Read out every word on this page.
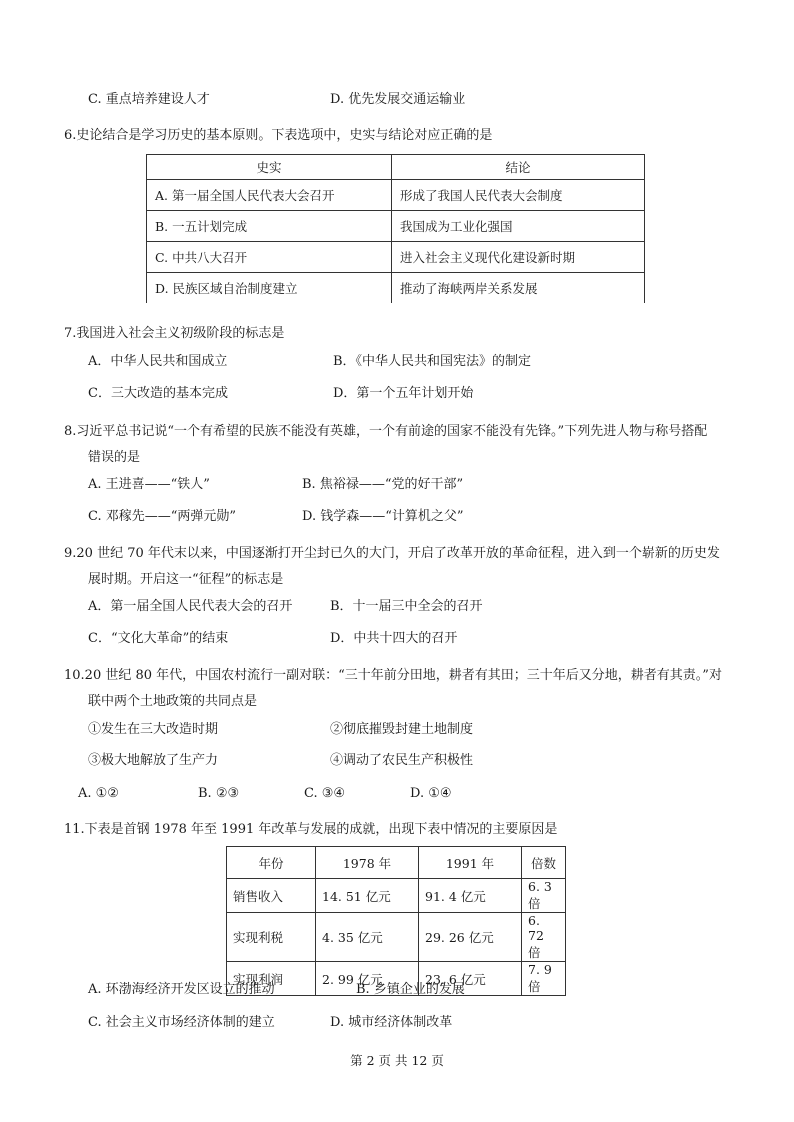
C. 重点培养建设人才	D. 优先发展交通运输业
6.史论结合是学习历史的基本原则。下表选项中，史实与结论对应正确的是
史实	结论
A. 第一届全国人民代表大会召开	形成了我国人民代表大会制度
B. 一五计划完成	我国成为工业化强国
C. 中共八大召开	进入社会主义现代化建设新时期
D. 民族区域自治制度建立	推动了海峡两岸关系发展
7.我国进入社会主义初级阶段的标志是
A．中华人民共和国成立	B．《中华人民共和国宪法》的制定
C．三大改造的基本完成	D．第一个五年计划开始
8.习近平总书记说“一个有希望的民族不能没有英雄，一个有前途的国家不能没有先锋。”下列先进人物与称号搭配
错误的是
A. 王进喜——“铁人”	B. 焦裕禄——“党的好干部”
C. 邓稼先——“两弹元勋”	D. 钱学森——“计算机之父”
9.20 世纪 70 年代末以来，中国逐渐打开尘封已久的大门，开启了改革开放的革命征程，进入到一个崭新的历史发
展时期。开启这一“征程”的标志是
A．第一届全国人民代表大会的召开	B．十一届三中全会的召开
C．“文化大革命”的结束	D．中共十四大的召开
10.20 世纪 80 年代，中国农村流行一副对联：“三十年前分田地，耕者有其田；三十年后又分地，耕者有其责。”对
联中两个土地政策的共同点是
①发生在三大改造时期	②彻底摧毁封建土地制度
③极大地解放了生产力	④调动了农民生产积极性
A. ①②	B. ②③	C. ③④	D. ①④
11.下表是首钢 1978 年至 1991 年改革与发展的成就，出现下表中情况的主要原因是
年份	1978 年	1991 年	倍数
销售收入	14. 51 亿元	91. 4 亿元	6. 3 倍
实现利税	4. 35 亿元	29. 26 亿元	6. 72 倍
实现利润	2. 99 亿元	23. 6 亿元	7. 9 倍
A. 环渤海经济开发区设立的推动	B. 乡镇企业的发展
C. 社会主义市场经济体制的建立	D. 城市经济体制改革
第 2 页 共 12 页
